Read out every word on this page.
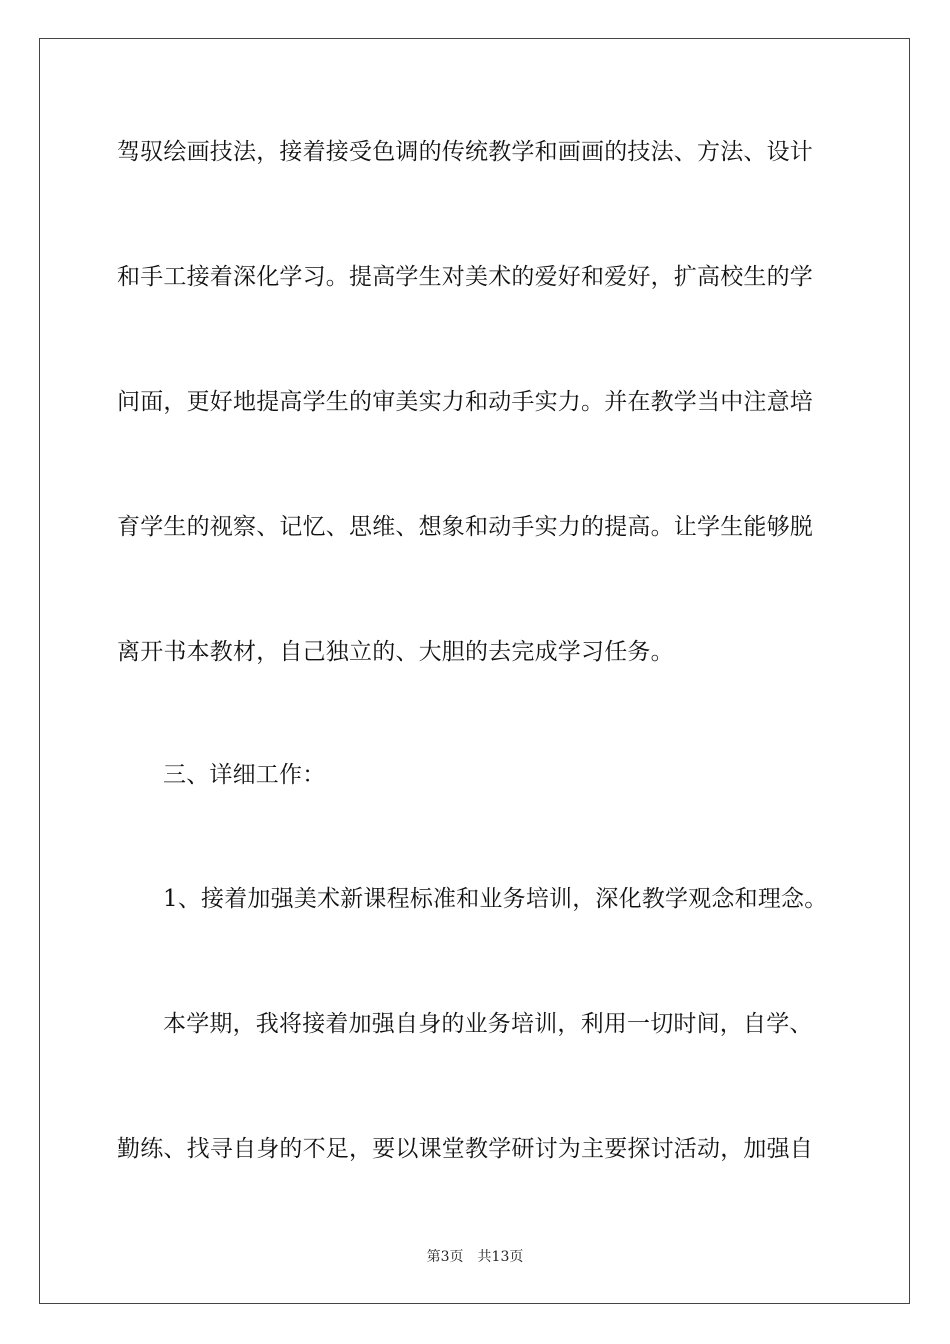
驾驭绘画技法，接着接受色调的传统教学和画画的技法、方法、设计
和手工接着深化学习。提高学生对美术的爱好和爱好，扩高校生的学
问面，更好地提高学生的审美实力和动手实力。并在教学当中注意培
育学生的视察、记忆、思维、想象和动手实力的提高。让学生能够脱
离开书本教材，自己独立的、大胆的去完成学习任务。
三、详细工作：
1、接着加强美术新课程标准和业务培训，深化教学观念和理念。
本学期，我将接着加强自身的业务培训，利用一切时间，自学、
勤练、找寻自身的不足，要以课堂教学研讨为主要探讨活动，加强自
第3页 共13页
